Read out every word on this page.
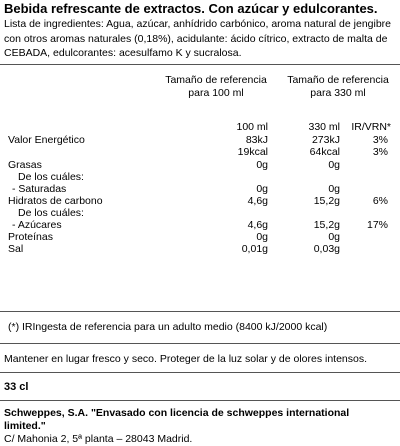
Bebida refrescante de extractos. Con azúcar y edulcorantes.
Lista de ingredientes: Agua, azúcar, anhídrido carbónico, aroma natural de jengibre con otros aromas naturales (0,18%), acidulante: ácido cítrico, extracto de malta de CEBADA, edulcorantes: acesulfamo K y sucralosa.
Tamaño de referencia
para 100 ml
Tamaño de referencia
para 330 ml
100 ml	330 ml	IR/VRN*
Valor Energético	83kJ	273kJ	3%
19kcal	64kcal	3%
Grasas	0g	0g
De los cuáles:
- Saturadas	0g	0g
Hidratos de carbono	4,6g	15,2g	6%
De los cuáles:
- Azúcares	4,6g	15,2g	17%
Proteínas	0g	0g
Sal	0,01g	0,03g
(*) IRIngesta de referencia para un adulto medio (8400 kJ/2000 kcal)
Mantener en lugar fresco y seco. Proteger de la luz solar y de olores intensos.
33 cl
Schweppes, S.A. "Envasado con licencia de schweppes international
limited."
C/ Mahonia 2, 5ª planta – 28043 Madrid.
